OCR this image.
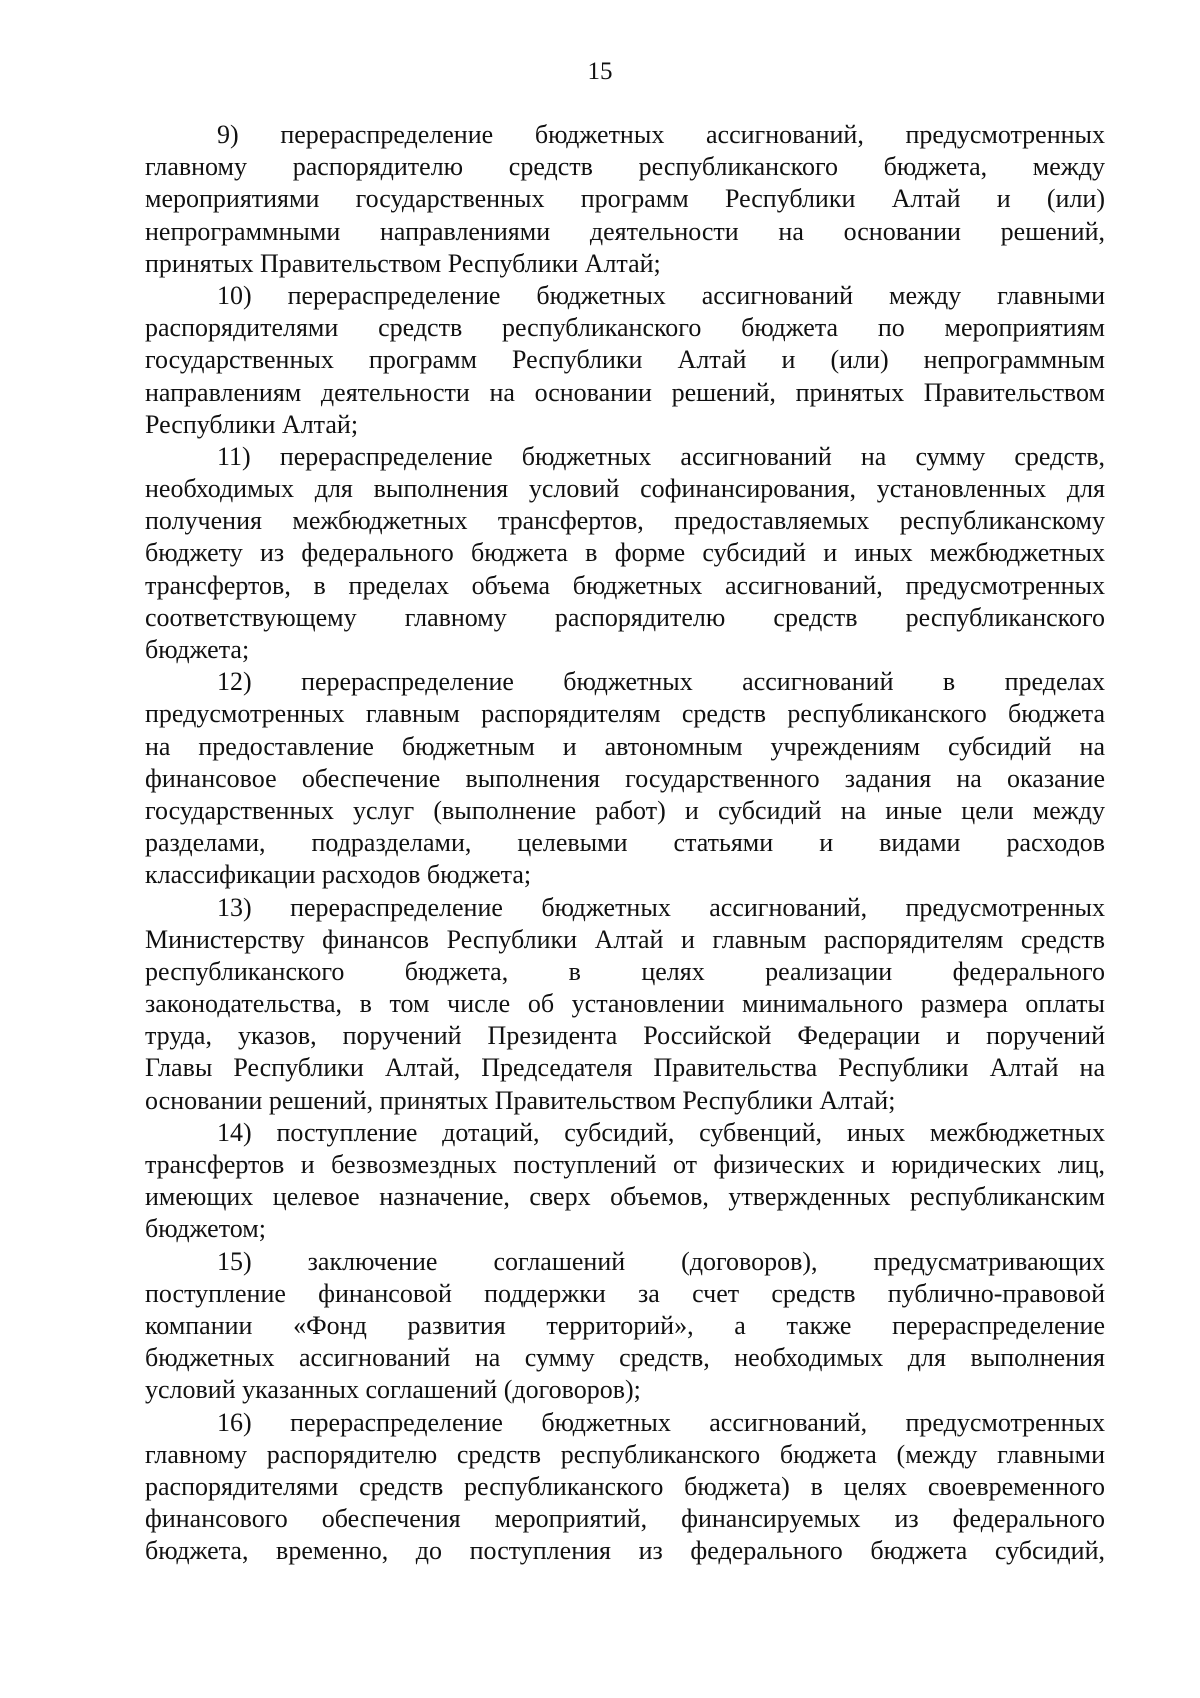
15
9) перераспределение бюджетных ассигнований, предусмотренных
главному распорядителю средств республиканского бюджета, между
мероприятиями государственных программ Республики Алтай и (или)
непрограммными направлениями деятельности на основании решений,
принятых Правительством Республики Алтай;
10) перераспределение бюджетных ассигнований между главными
распорядителями средств республиканского бюджета по мероприятиям
государственных программ Республики Алтай и (или) непрограммным
направлениям деятельности на основании решений, принятых Правительством
Республики Алтай;
11) перераспределение бюджетных ассигнований на сумму средств,
необходимых для выполнения условий софинансирования, установленных для
получения межбюджетных трансфертов, предоставляемых республиканскому
бюджету из федерального бюджета в форме субсидий и иных межбюджетных
трансфертов, в пределах объема бюджетных ассигнований, предусмотренных
соответствующему главному распорядителю средств республиканского
бюджета;
12) перераспределение бюджетных ассигнований в пределах
предусмотренных главным распорядителям средств республиканского бюджета
на предоставление бюджетным и автономным учреждениям субсидий на
финансовое обеспечение выполнения государственного задания на оказание
государственных услуг (выполнение работ) и субсидий на иные цели между
разделами, подразделами, целевыми статьями и видами расходов
классификации расходов бюджета;
13) перераспределение бюджетных ассигнований, предусмотренных
Министерству финансов Республики Алтай и главным распорядителям средств
республиканского бюджета, в целях реализации федерального
законодательства, в том числе об установлении минимального размера оплаты
труда, указов, поручений Президента Российской Федерации и поручений
Главы Республики Алтай, Председателя Правительства Республики Алтай на
основании решений, принятых Правительством Республики Алтай;
14) поступление дотаций, субсидий, субвенций, иных межбюджетных
трансфертов и безвозмездных поступлений от физических и юридических лиц,
имеющих целевое назначение, сверх объемов, утвержденных республиканским
бюджетом;
15) заключение соглашений (договоров), предусматривающих
поступление финансовой поддержки за счет средств публично-правовой
компании «Фонд развития территорий», а также перераспределение
бюджетных ассигнований на сумму средств, необходимых для выполнения
условий указанных соглашений (договоров);
16) перераспределение бюджетных ассигнований, предусмотренных
главному распорядителю средств республиканского бюджета (между главными
распорядителями средств республиканского бюджета) в целях своевременного
финансового обеспечения мероприятий, финансируемых из федерального
бюджета, временно, до поступления из федерального бюджета субсидий,
